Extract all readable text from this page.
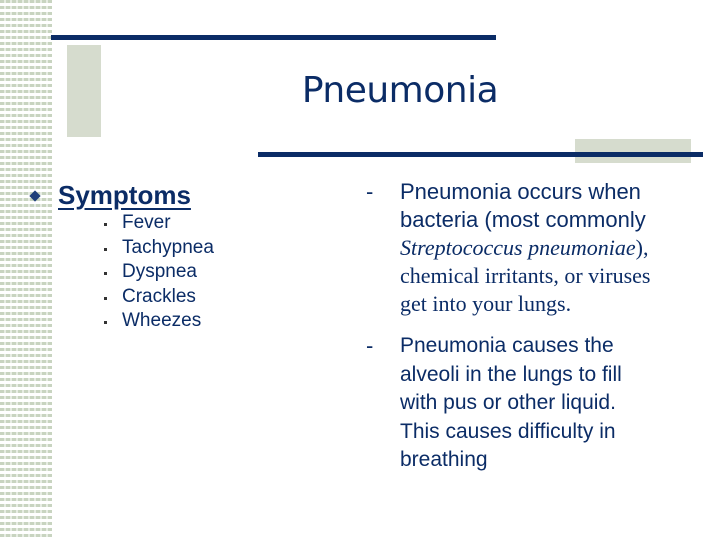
Pneumonia
Symptoms
Fever
Tachypnea
Dyspnea
Crackles
Wheezes
-	Pneumonia occurs when
bacteria (most commonly
Streptococcus pneumoniae),
chemical irritants, or viruses
get into your lungs.
-	Pneumonia causes the
alveoli in the lungs to fill
with pus or other liquid.
This causes difficulty in
breathing
